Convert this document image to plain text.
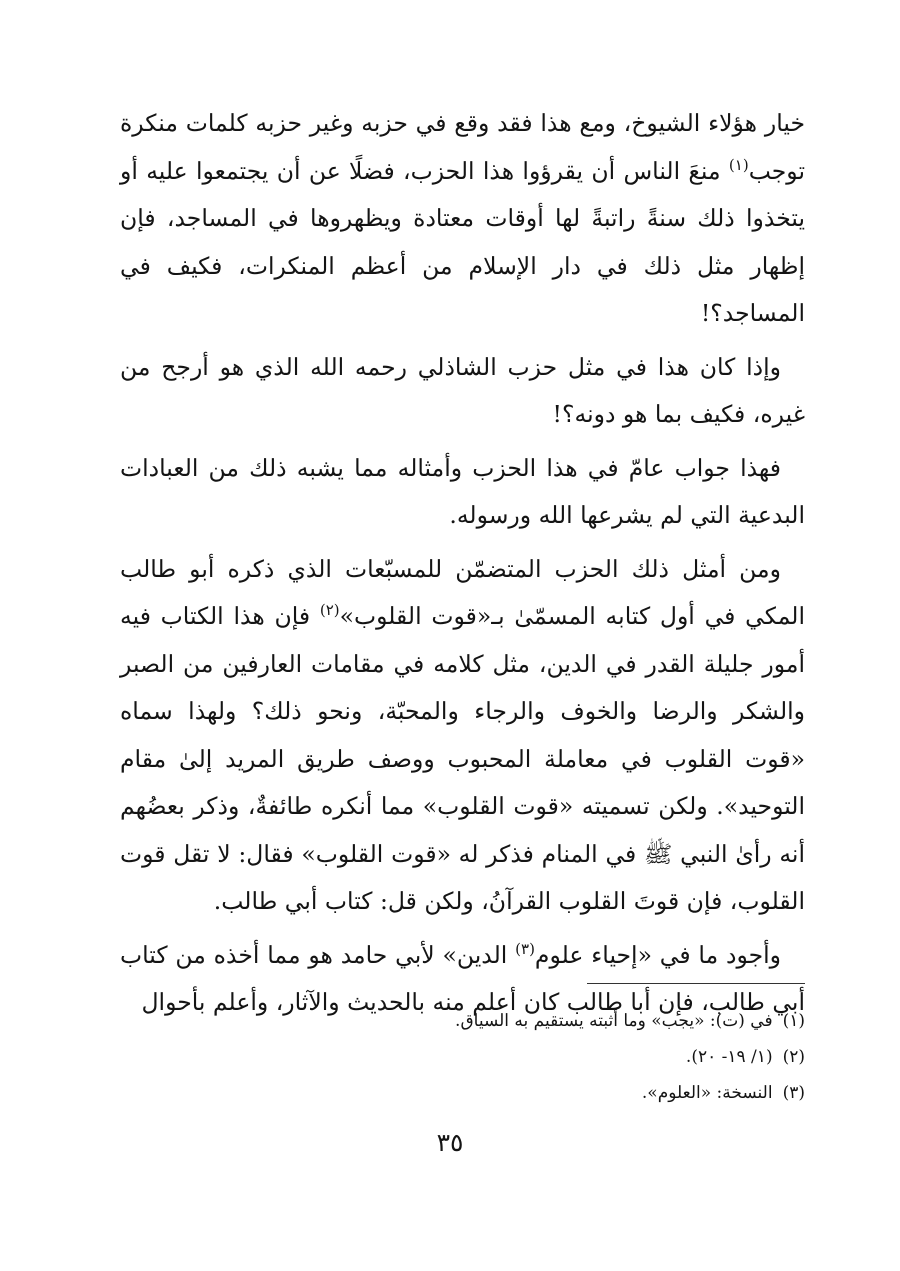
خيار هؤلاء الشيوخ، ومع هذا فقد وقع في حزبه وغير حزبه كلمات منكرة توجب$^{(١)}$ منعَ الناس أن يقرؤوا هذا الحزب، فضلًا عن أن يجتمعوا عليه أو يتخذوا ذلك سنةً راتبةً لها أوقات معتادة ويظهروها في المساجد، فإن إظهار مثل ذلك في دار الإسلام من أعظم المنكرات، فكيف في المساجد؟!

وإذا كان هذا في مثل حزب الشاذلي رحمه الله الذي هو أرجح من غيره، فكيف بما هو دونه؟!

فهذا جواب عامّ في هذا الحزب وأمثاله مما يشبه ذلك من العبادات البدعية التي لم يشرعها الله ورسوله.

ومن أمثل ذلك الحزب المتضمّن للمسبّعات الذي ذكره أبو طالب المكي في أول كتابه المسمّىٰ بـ«قوت القلوب»$^{(٢)}$ فإن هذا الكتاب فيه أمور جليلة القدر في الدين، مثل كلامه في مقامات العارفين من الصبر والشكر والرضا والخوف والرجاء والمحبّة، ونحو ذلك؟ ولهذا سماه «قوت القلوب في معاملة المحبوب ووصف طريق المريد إلىٰ مقام التوحيد». ولكن تسميته «قوت القلوب» مما أنكره طائفةٌ، وذكر بعضُهم أنه رأىٰ النبي ﷺ في المنام فذكر له «قوت القلوب» فقال: لا تقل قوت القلوب، فإن قوتَ القلوب القرآنُ، ولكن قل: كتاب أبي طالب.

وأجود ما في «إحياء علوم$^{(٣)}$ الدين» لأبي حامد هو مما أخذه من كتاب أبي طالب، فإن أبا طالب كان أعلم منه بالحديث والآثار، وأعلم بأحوال

(١)
في (ت): «يجب» وما أثبته يستقيم به السياق.
(٢)
(١/ ١٩- ٢٠).
(٣)
النسخة: «العلوم».
٣٥
